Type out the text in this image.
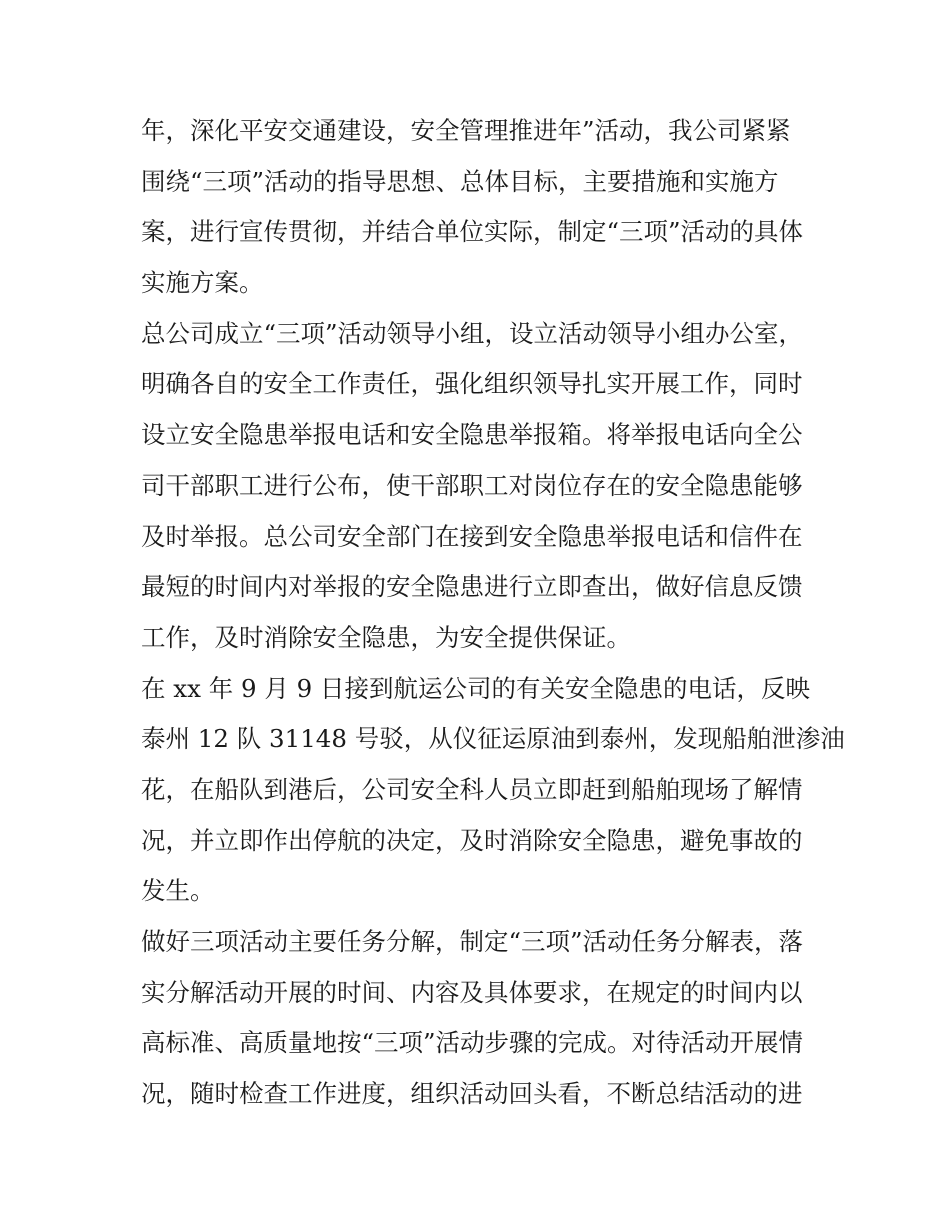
年，深化平安交通建设，安全管理推进年”活动，我公司紧紧
围绕“三项”活动的指导思想、总体目标，主要措施和实施方
案，进行宣传贯彻，并结合单位实际，制定“三项”活动的具体
实施方案。
总公司成立“三项”活动领导小组，设立活动领导小组办公室，
明确各自的安全工作责任，强化组织领导扎实开展工作，同时
设立安全隐患举报电话和安全隐患举报箱。将举报电话向全公
司干部职工进行公布，使干部职工对岗位存在的安全隐患能够
及时举报。总公司安全部门在接到安全隐患举报电话和信件在
最短的时间内对举报的安全隐患进行立即查出，做好信息反馈
工作，及时消除安全隐患，为安全提供保证。
在 xx 年 9 月 9 日接到航运公司的有关安全隐患的电话，反映
泰州 12 队 31148 号驳，从仪征运原油到泰州，发现船舶泄渗油
花，在船队到港后，公司安全科人员立即赶到船舶现场了解情
况，并立即作出停航的决定，及时消除安全隐患，避免事故的
发生。
做好三项活动主要任务分解，制定“三项”活动任务分解表，落
实分解活动开展的时间、内容及具体要求，在规定的时间内以
高标准、高质量地按“三项”活动步骤的完成。对待活动开展情
况，随时检查工作进度，组织活动回头看，不断总结活动的进
